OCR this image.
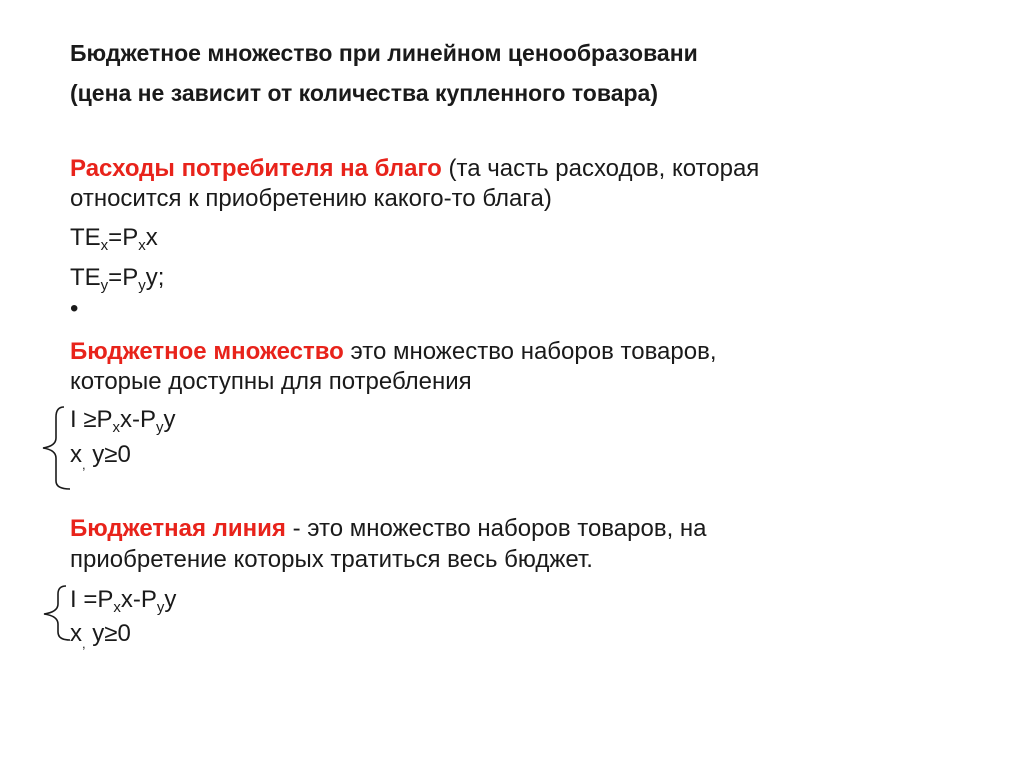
Бюджетное множество при линейном ценообразовани

(цена не зависит от количества купленного товара)

Расходы потребителя на благо (та часть расходов, которая

относится к приобретению какого-то блага)

$TE_x=P_xx$

$TE_y=P_yy$;

•

Бюджетное множество это множество наборов товаров,

которые доступны для потребления

$I \ge P_xx-P_yy$

$x_,$ y≥0

Бюджетная линия - это множество наборов товаров, на

приобретение которых тратиться весь бюджет.

$I =P_xx-P_yy$

$x_,$ y≥0
